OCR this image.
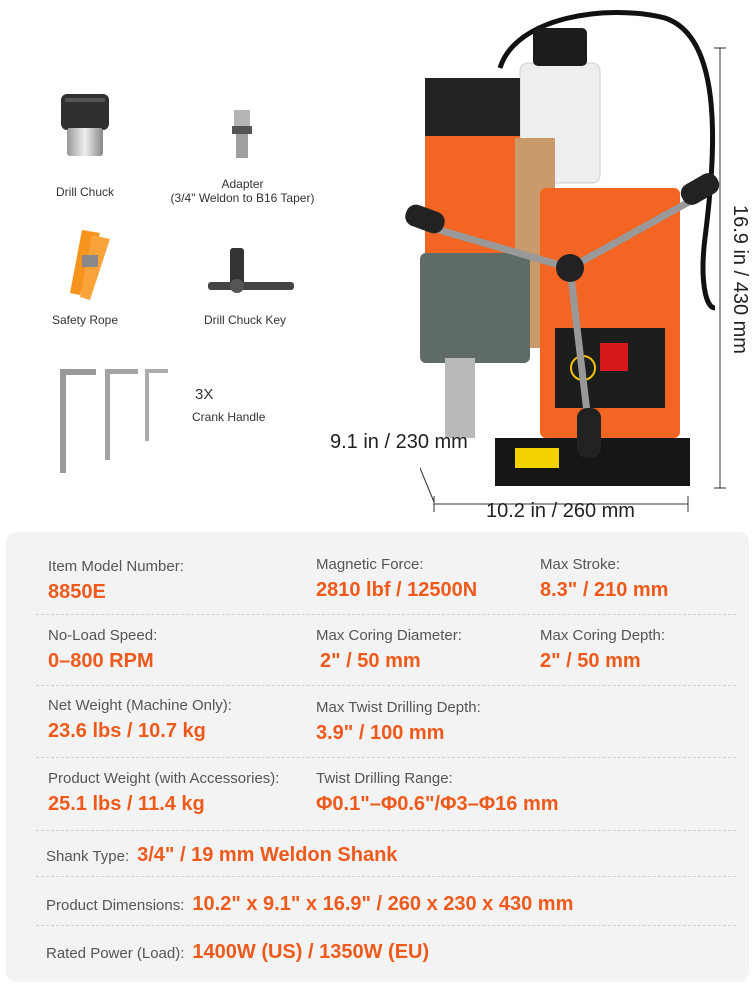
Drill Chuck
Adapter
(3/4" Weldon to B16 Taper)
Safety Rope	Drill Chuck Key
3X
Crank Handle
16.9 in / 430 mm
9.1 in / 230 mm
10.2 in / 260 mm
Item Model Number:
8850E
Magnetic Force:
2810 lbf / 12500N
Max Stroke:
8.3" / 210 mm
No-Load Speed:
0–800 RPM
Max Coring Diameter:
2" / 50 mm
Max Coring Depth:
2" / 50 mm
Net Weight (Machine Only):
23.6 lbs / 10.7 kg
Max Twist Drilling Depth:
3.9" / 100 mm
Product Weight (with Accessories):
25.1 lbs / 11.4 kg
Twist Drilling Range:
Φ0.1"–Φ0.6"/Φ3–Φ16 mm
Shank Type: 3/4" / 19 mm Weldon Shank
Product Dimensions: 10.2" x 9.1" x 16.9" / 260 x 230 x 430 mm
Rated Power (Load): 1400W (US) / 1350W (EU)
